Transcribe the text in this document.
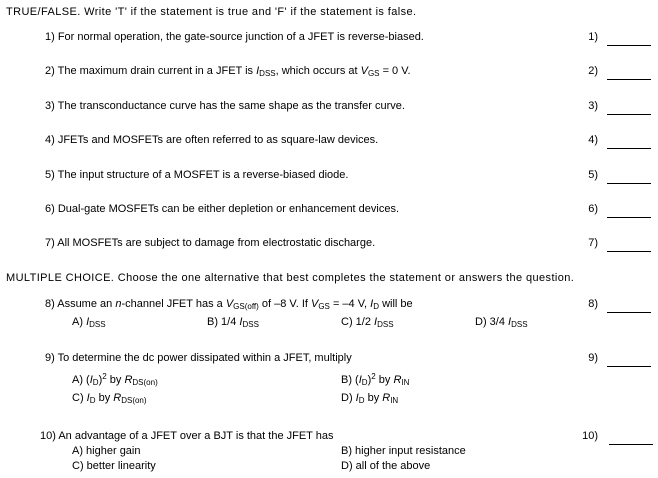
TRUE/FALSE. Write 'T' if the statement is true and 'F' if the statement is false.
1) For normal operation, the gate-source junction of a JFET is reverse-biased.	1)
2) The maximum drain current in a JFET is $I_{DSS}$, which occurs at $V_{GS} = 0$ V.	2)
3) The transconductance curve has the same shape as the transfer curve.	3)
4) JFETs and MOSFETs are often referred to as square-law devices.	4)
5) The input structure of a MOSFET is a reverse-biased diode.	5)
6) Dual-gate MOSFETs can be either depletion or enhancement devices.	6)
7) All MOSFETs are subject to damage from electrostatic discharge.	7)
MULTIPLE CHOICE. Choose the one alternative that best completes the statement or answers the question.
8) Assume an n-channel JFET has a $V_{GS(off)}$ of –8 V. If $V_{GS} = -4$ V, $I_D$ will be	8)
A) $I_{DSS}$	B) 1/4 $I_{DSS}$	C) 1/2 $I_{DSS}$	D) 3/4 $I_{DSS}$
9) To determine the dc power dissipated within a JFET, multiply	9)
A) $(I_D)^2$ by $R_{DS(on)}$	B) $(I_D)^2$ by $R_{IN}$
C) $I_D$ by $R_{DS(on)}$	D) $I_D$ by $R_{IN}$
10) An advantage of a JFET over a BJT is that the JFET has	10)
A) higher gain	B) higher input resistance
C) better linearity	D) all of the above
